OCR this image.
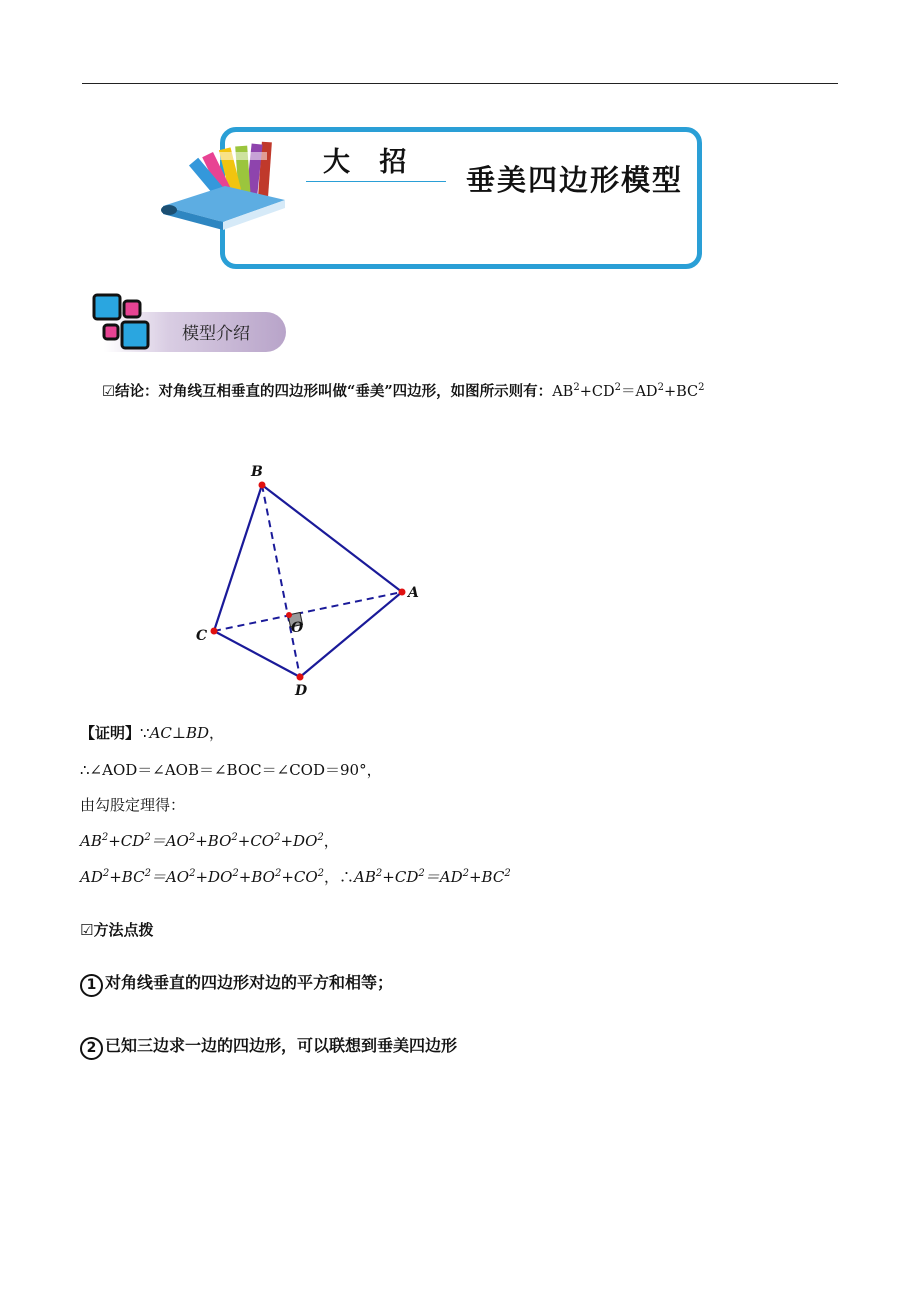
大 招
垂美四边形模型
模型介绍
☑结论：对角线互相垂直的四边形叫做“垂美”四边形，如图所示则有：$AB^2+CD^2=AD^2+BC^2$
B
A
C
D
O
【证明】∵AC⊥BD，
∴∠AOD＝∠AOB＝∠BOC＝∠COD＝90°，
由勾股定理得：
$AB^2+CD^2=AO^2+BO^2+CO^2+DO^2$，
$AD^2+BC^2=AO^2+DO^2+BO^2+CO^2$，$\therefore AB^2+CD^2=AD^2+BC^2$
☑方法点拨
1 对角线垂直的四边形对边的平方和相等；
2 已知三边求一边的四边形，可以联想到垂美四边形
